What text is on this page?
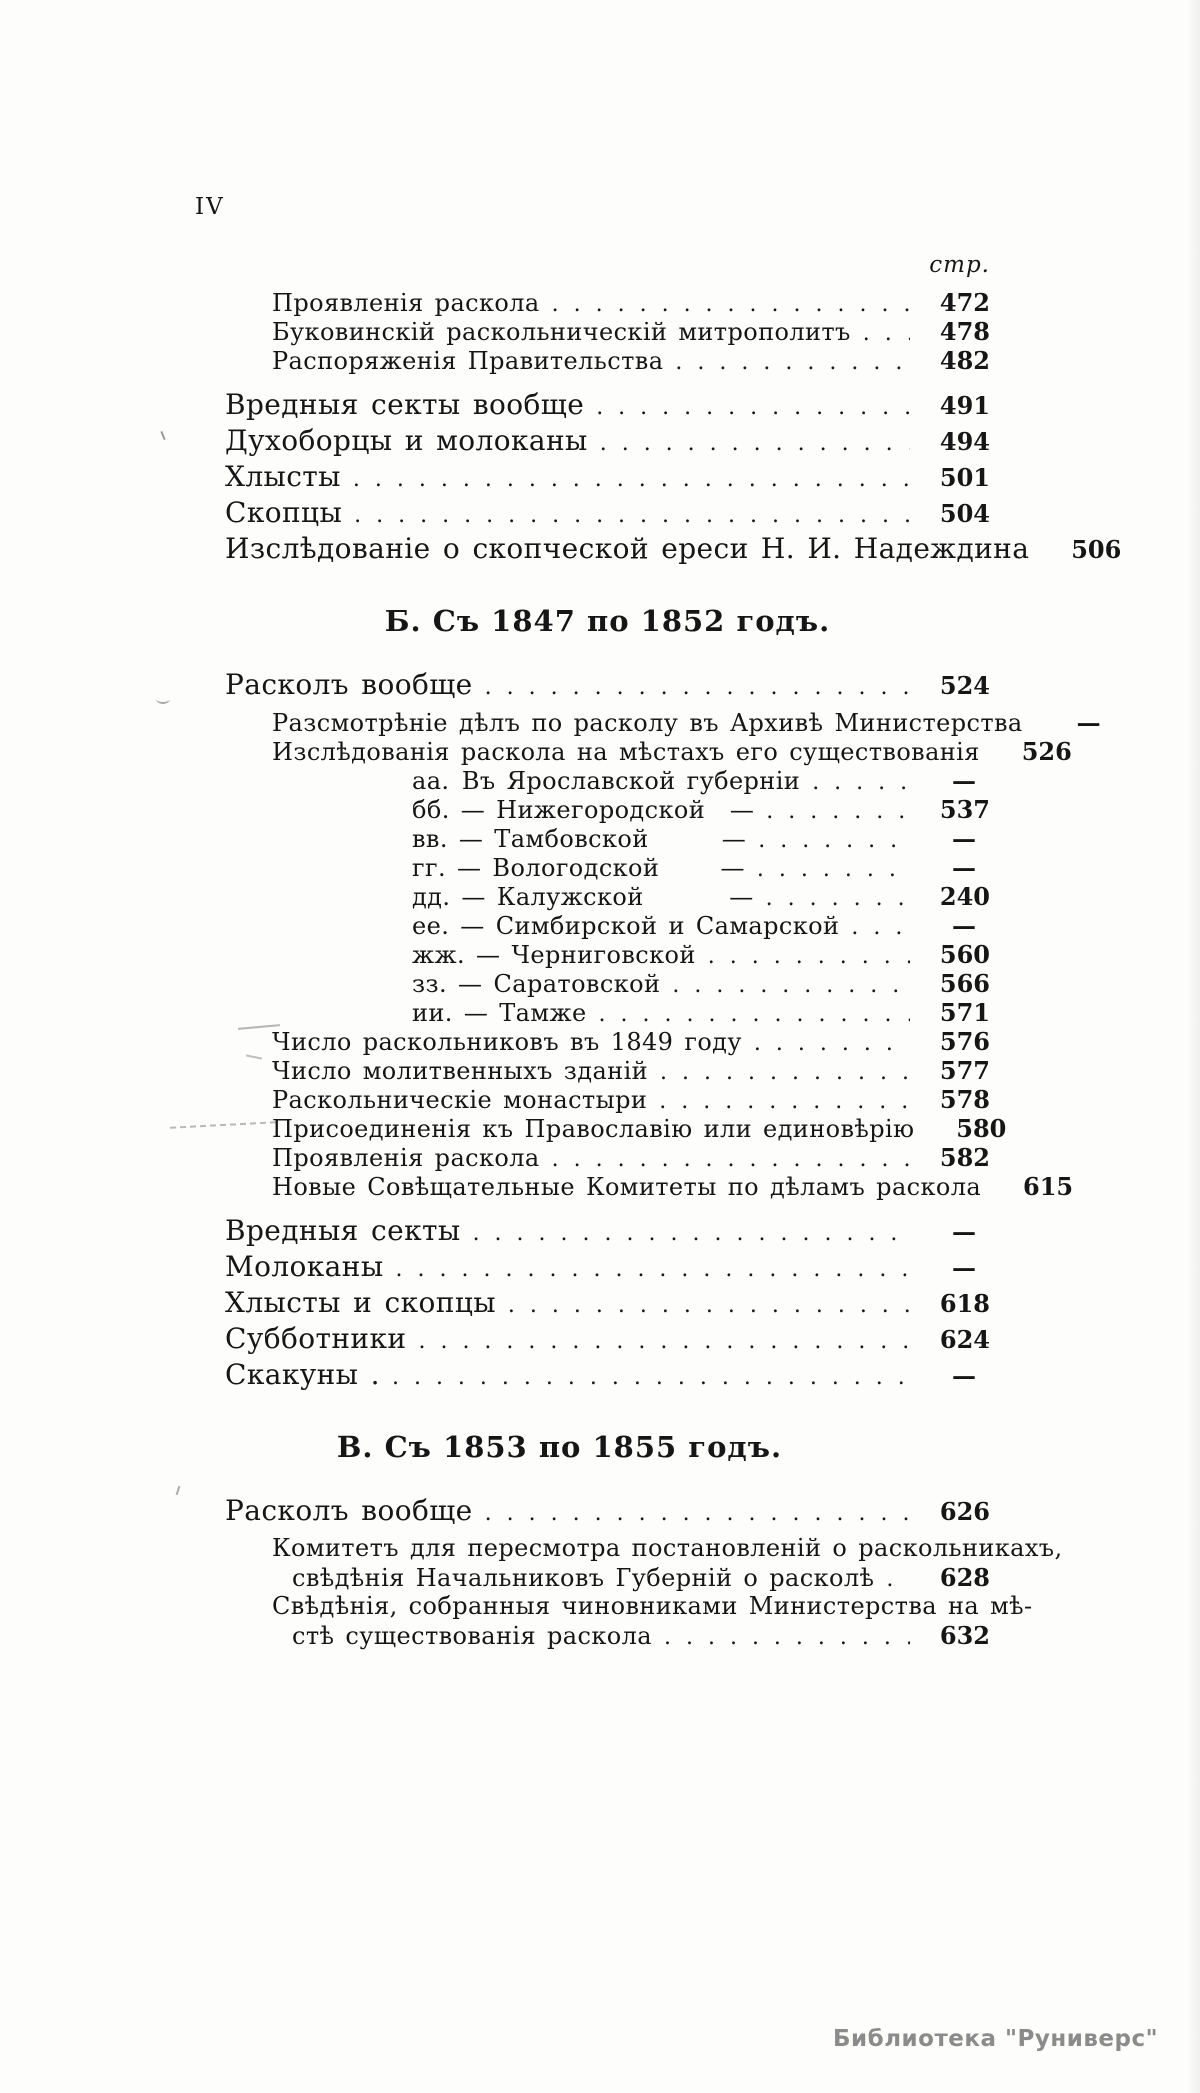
IV
стр.
Проявленія раскола .....	472
Буковинскій раскольническій митрополитъ .....	478
Распоряженія Правительства .....	482
Вредныя секты вообще .....	491
Духоборцы и молоканы .....	494
Хлысты .....	501
Скопцы .....	504
Изслѣдованіе о скопческой ереси Н. И. Надеждина	506
Б. Съ 1847 по 1852 годъ.
Расколъ вообще .....	524
Разсмотрѣніе дѣлъ по расколу въ Архивѣ Министерства	—
Изслѣдованія раскола на мѣстахъ его существованія	526
аа. Въ Ярославской губерніи .....	—
бб. — Нижегородской  — .....	537
вв. — Тамбовской   — .....	—
гг. — Вологодской   — .....	—
дд. — Калужской    — .....	240
ее. — Симбирской и Самарской .....	—
жж. — Черниговской .....	560
зз. — Саратовской .....	566
ии. — Тамже .....	571
Число раскольниковъ въ 1849 году .....	576
Число молитвенныхъ зданій .....	577
Раскольническіе монастыри .....	578
Присоединенія къ Православію или единовѣрію	580
Проявленія раскола .....	582
Новые Совѣщательные Комитеты по дѣламъ раскола	615
Вредныя секты .....	—
Молоканы .....	—
Хлысты и скопцы .....	618
Субботники .....	624
Скакуны . .....	—
В. Съ 1853 по 1855 годъ.
Расколъ вообще .....	626
Комитетъ для пересмотра постановленій о раскольникахъ,
свѣдѣнія Начальниковъ Губерній о расколѣ .....	628
Свѣдѣнія, собранныя чиновниками Министерства на мѣ-
стѣ существованія раскола .....	632
Библиотека "Руниверс"
